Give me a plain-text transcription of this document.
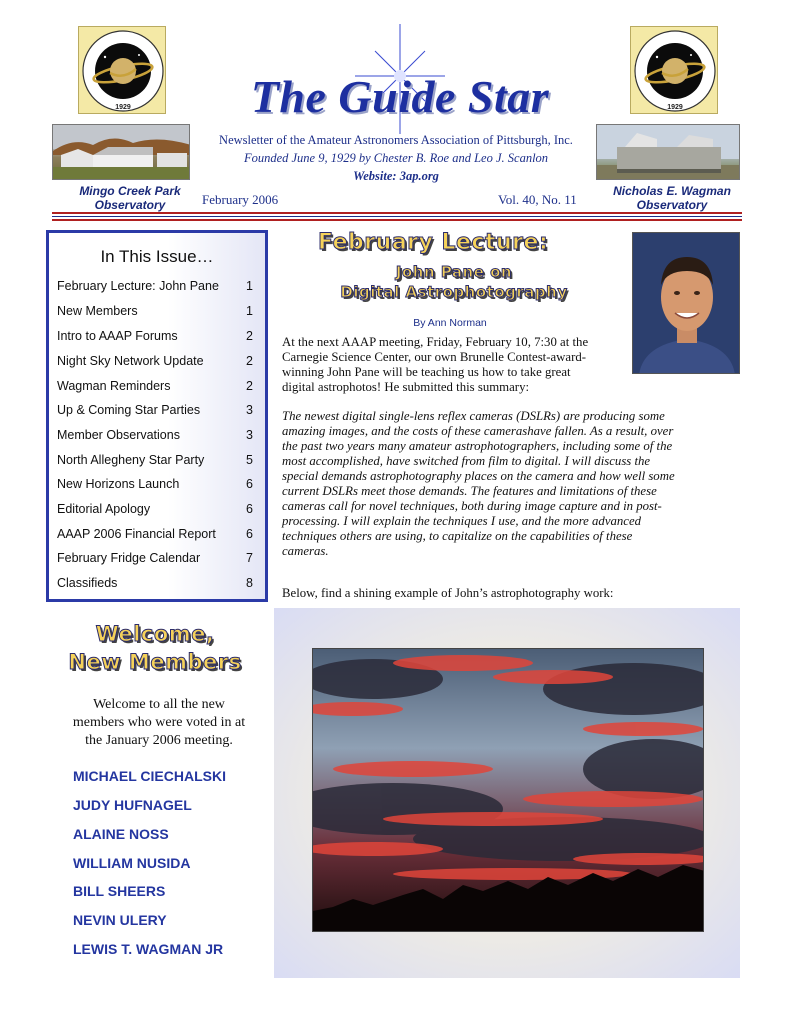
1929	1929
The Guide Star
Mingo Creek Park
Observatory
Nicholas E. Wagman
Observatory
Newsletter of the Amateur Astronomers Association of Pittsburgh, Inc.
Founded June 9, 1929 by Chester B. Roe and Leo J. Scanlon
Website: 3ap.org
February 2006	Vol. 40, No. 11
In This Issue…
February Lecture: John Pane 1
New Members	1
Intro to AAAP Forums	2
Night Sky Network Update	2
Wagman Reminders	2
Up & Coming Star Parties	3
Member Observations	3
North Allegheny Star Party	5
New Horizons Launch	6
Editorial Apology	6
AAAP 2006 Financial Report 6
February Fridge Calendar	7
Classifieds	8
February Lecture:
John Pane on
Digital Astrophotography
By Ann Norman
At the next AAAP meeting, Friday, February 10, 7:30 at the
Carnegie Science Center, our own Brunelle Contest-award-
winning John Pane will be teaching us how to take great
digital astrophotos! He submitted this summary:
The newest digital single-lens reflex cameras (DSLRs) are producing some
amazing images, and the costs of these camerashave fallen. As a result, over
the past two years many amateur astrophotographers, including some of the
most accomplished, have switched from film to digital. I will discuss the
special demands astrophotography places on the camera and how well some
current DSLRs meet those demands. The features and limitations of these
cameras call for novel techniques, both during image capture and in post-
processing. I will explain the techniques I use, and the more advanced
techniques others are using, to capitalize on the capabilities of these
cameras.
Below, find a shining example of John’s astrophotography work:
Welcome,
New Members
Welcome to all the new
members who were voted in at
the January 2006 meeting.
MICHAEL CIECHALSKI
JUDY HUFNAGEL
ALAINE NOSS
WILLIAM NUSIDA
BILL SHEERS
NEVIN ULERY
LEWIS T. WAGMAN JR
